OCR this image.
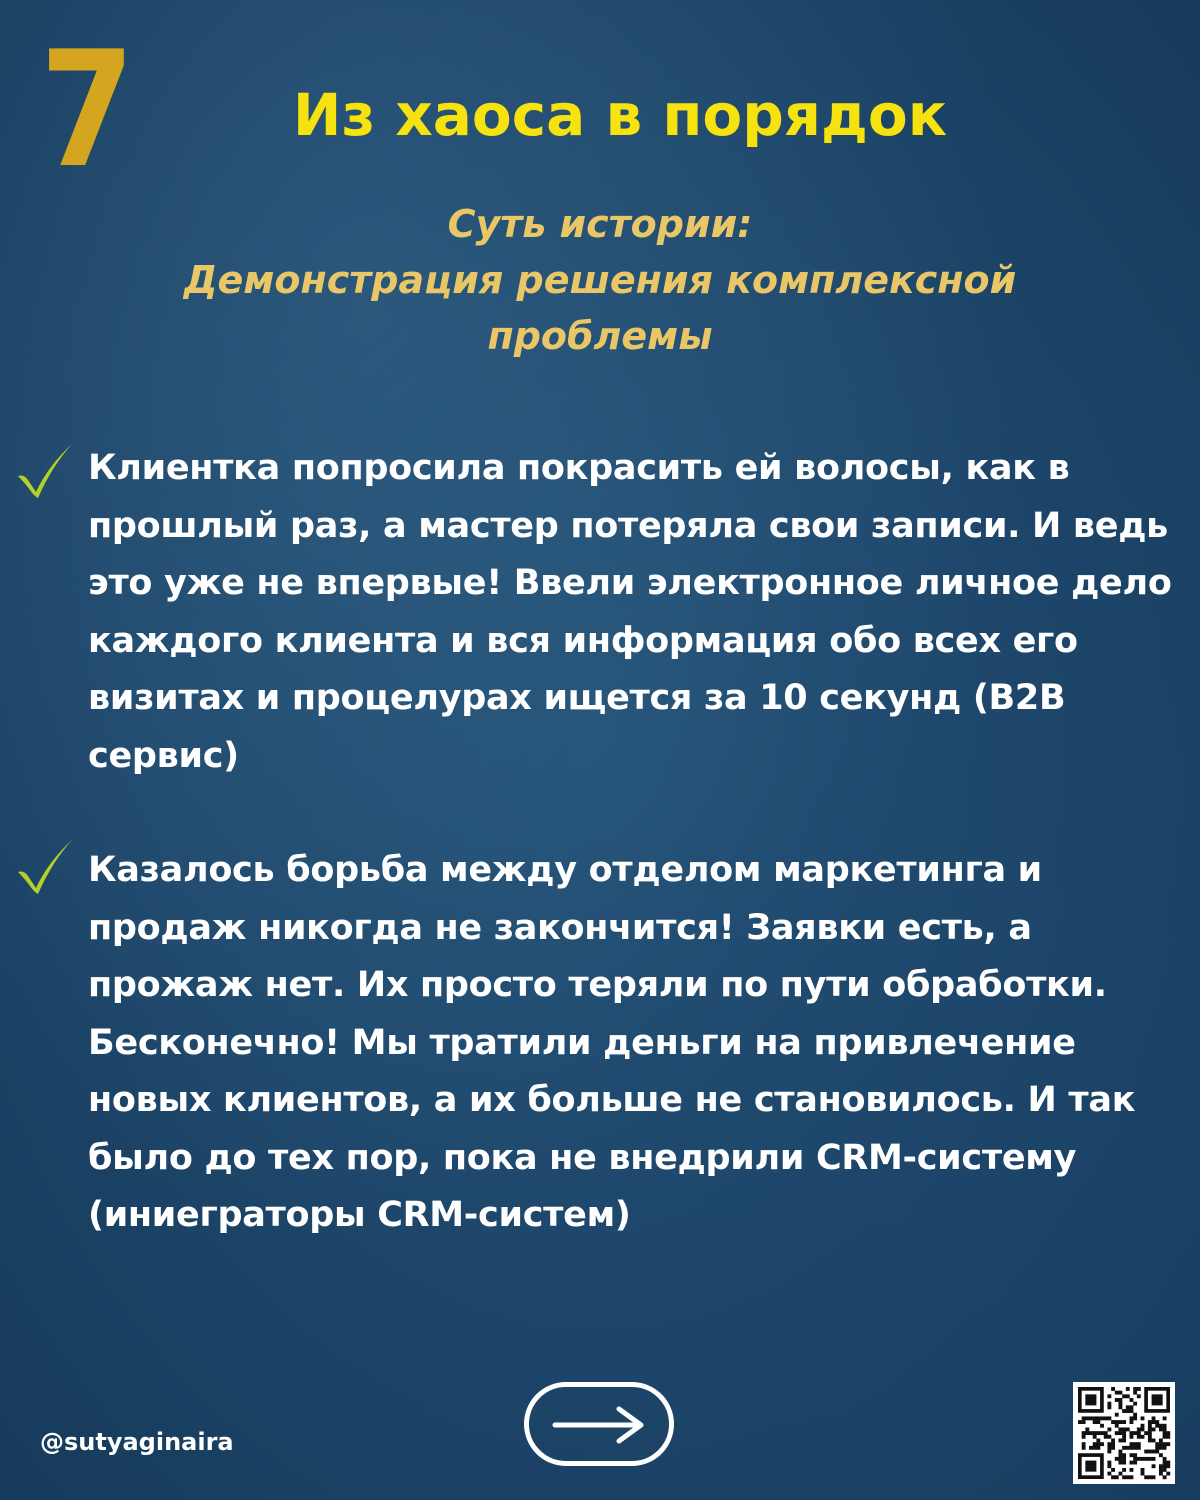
7	Из хаоса в порядок
Суть истории:
Демонстрация решения комплексной
проблемы
Клиентка попросила покрасить ей волосы, как в прошлый раз, а мастер потеряла свои записи. И ведь это уже не впервые! Ввели электронное личное дело каждого клиента и вся информация обо всех его визитах и процелурах ищется за 10 секунд (B2B сервис)
Казалось борьба между отделом маркетинга и продаж никогда не закончится! Заявки есть, а прожаж нет. Их просто теряли по пути обработки. Бесконечно! Мы тратили деньги на привлечение новых клиентов, а их больше не становилось. И так было до тех пор, пока не внедрили CRM-систему (иниеграторы CRM-систем)
@sutyaginaira
